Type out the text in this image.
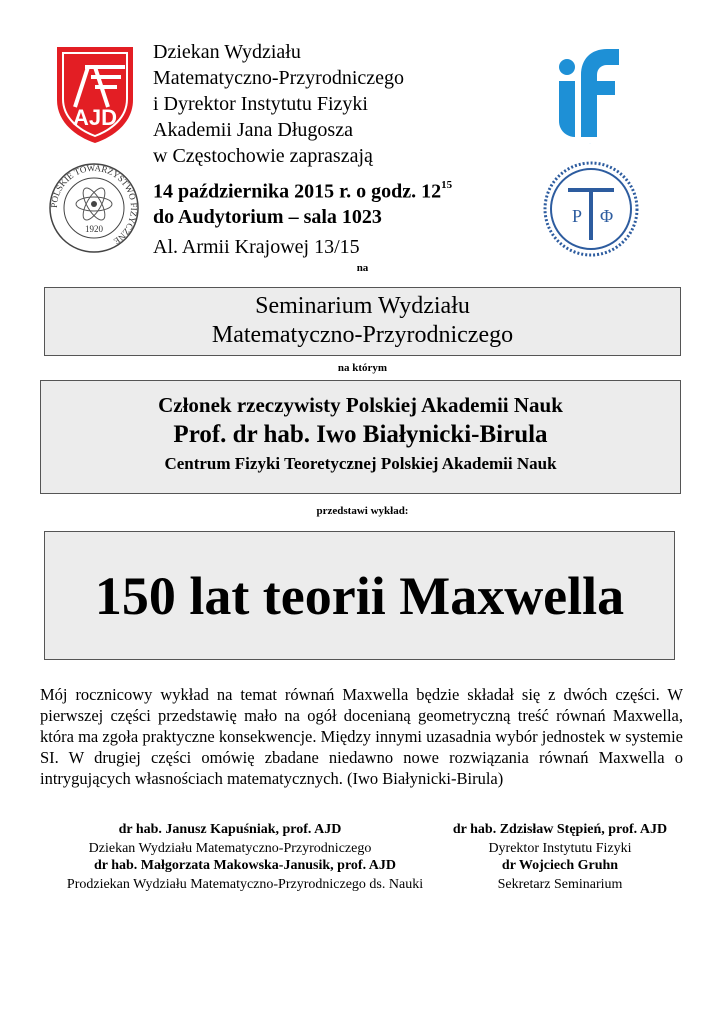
AJD
Dziekan Wydziału
Matematyczno-Przyrodniczego
i Dyrektor Instytutu Fizyki
Akademii Jana Długosza
w Częstochowie zapraszają
14 października 2015 r. o godz. $12^{15}$
do Audytorium – sala 1023
Al. Armii Krajowej 13/15
if
POLSKIE TOWARZYSTWO FIZYCZNE
1920
P Φ
na
Seminarium Wydziału
Matematyczno-Przyrodniczego
na którym
Członek rzeczywisty Polskiej Akademii Nauk
Prof. dr hab. Iwo Białynicki-Birula
Centrum Fizyki Teoretycznej Polskiej Akademii Nauk
przedstawi wykład:
150 lat teorii Maxwella
Mój rocznicowy wykład na temat równań Maxwella będzie składał się z dwóch części. W pierwszej części przedstawię mało na ogół docenianą geometryczną treść równań Maxwella, która ma zgoła praktyczne konsekwencje. Między innymi uzasadnia wybór jednostek w systemie SI. W drugiej części omówię zbadane niedawno nowe rozwiązania równań Maxwella o intrygujących własnościach matematycznych. (Iwo Białynicki-Birula)
dr hab. Janusz Kapuśniak, prof. AJD
Dziekan Wydziału Matematyczno-Przyrodniczego
dr hab. Zdzisław Stępień, prof. AJD
Dyrektor Instytutu Fizyki
dr hab. Małgorzata Makowska-Janusik, prof. AJD
Prodziekan Wydziału Matematyczno-Przyrodniczego ds. Nauki
dr Wojciech Gruhn
Sekretarz Seminarium
